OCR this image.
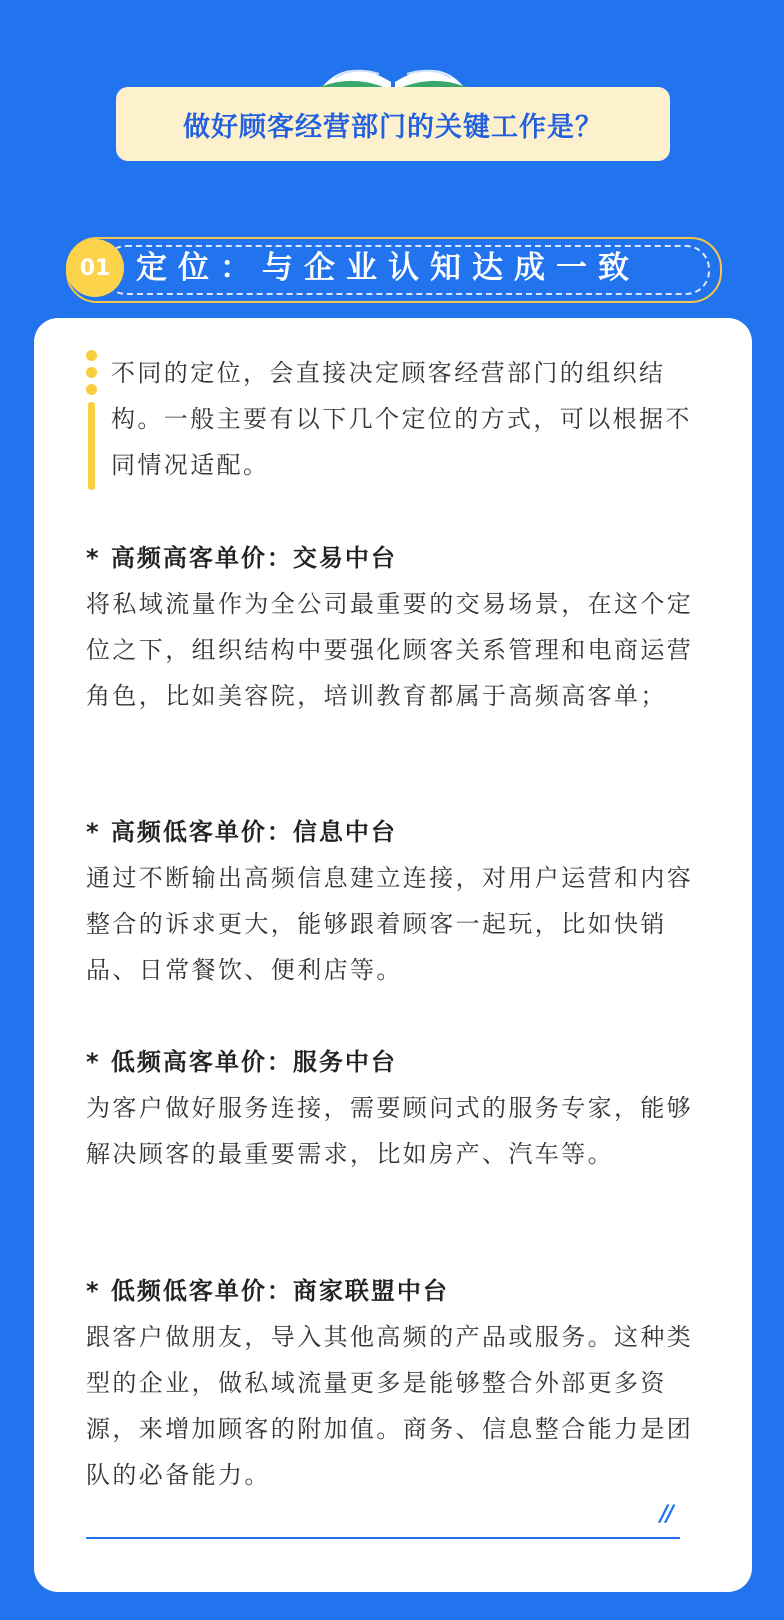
做好顾客经营部门的关键工作是？
01 定位：与企业认知达成一致
不同的定位，会直接决定顾客经营部门的组织结构。一般主要有以下几个定位的方式，可以根据不同情况适配。
* 高频高客单价：交易中台
将私域流量作为全公司最重要的交易场景，在这个定位之下，组织结构中要强化顾客关系管理和电商运营角色，比如美容院，培训教育都属于高频高客单；
* 高频低客单价：信息中台
通过不断输出高频信息建立连接，对用户运营和内容整合的诉求更大，能够跟着顾客一起玩，比如快销品、日常餐饮、便利店等。
* 低频高客单价：服务中台
为客户做好服务连接，需要顾问式的服务专家，能够解决顾客的最重要需求，比如房产、汽车等。
* 低频低客单价：商家联盟中台
跟客户做朋友，导入其他高频的产品或服务。这种类型的企业，做私域流量更多是能够整合外部更多资源，来增加顾客的附加值。商务、信息整合能力是团队的必备能力。
//
